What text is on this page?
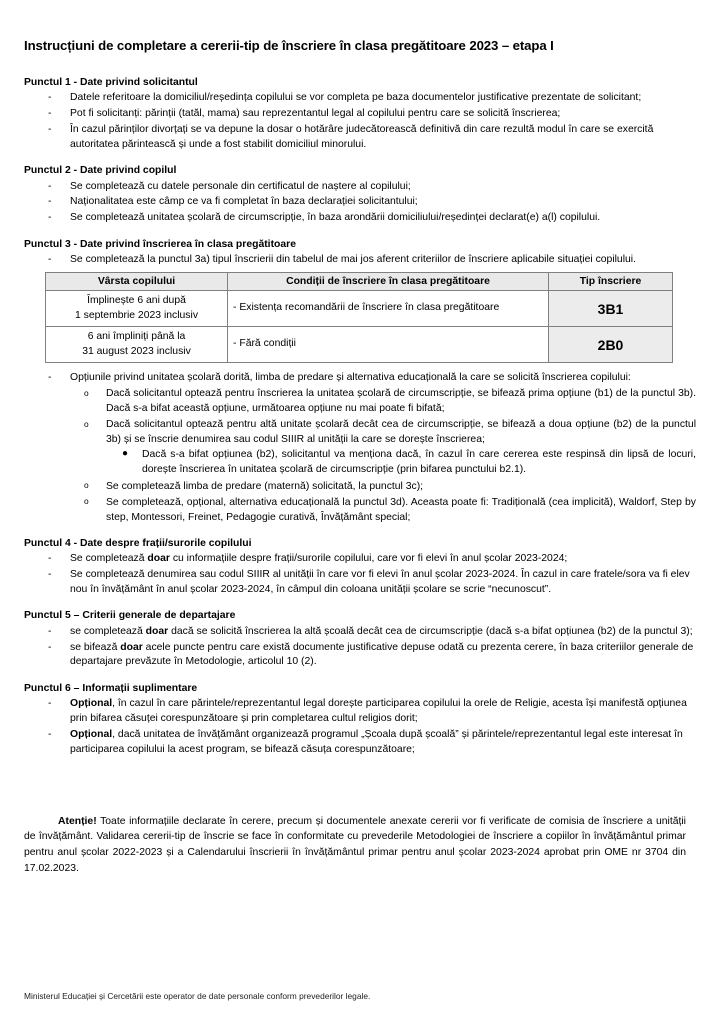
Instrucțiuni de completare a cererii-tip de înscriere în clasa pregătitoare 2023 – etapa I
Punctul 1 - Date privind solicitantul
- Datele referitoare la domiciliul/reședința copilului se vor completa pe baza documentelor justificative prezentate de solicitant;
- Pot fi solicitanți: părinții (tatăl, mama) sau reprezentantul legal al copilului pentru care se solicită înscrierea;
- În cazul părinților divorțați se va depune la dosar o hotărâre judecătorească definitivă din care rezultă modul în care se exercită autoritatea părintească și unde a fost stabilit domiciliul minorului.
Punctul 2 - Date privind copilul
- Se completează cu datele personale din certificatul de naștere al copilului;
- Naționalitatea este câmp ce va fi completat în baza declarației solicitantului;
- Se completează unitatea școlară de circumscripție, în baza arondării domiciliului/reședinței declarat(e) a(l) copilului.
Punctul 3 - Date privind înscrierea în clasa pregătitoare
- Se completează la punctul 3a) tipul înscrierii din tabelul de mai jos aferent criteriilor de înscriere aplicabile situației copilului.
Vârsta copilului	Condiții de înscriere în clasa pregătitoare	Tip înscriere

Împlinește 6 ani după
1 septembrie 2023 inclusiv	- Existența recomandării de înscriere în clasa pregătitoare	3B1

6 ani împliniți până la
31 august 2023 inclusiv	- Fără condiții	2B0
- Opțiunile privind unitatea școlară dorită, limba de predare și alternativa educațională la care se solicită înscrierea copilului:
o Dacă solicitantul optează pentru înscrierea la unitatea școlară de circumscripție, se bifează prima opțiune (b1) de la punctul 3b). Dacă s-a bifat această opțiune, următoarea opțiune nu mai poate fi bifată;
o Dacă solicitantul optează pentru altă unitate școlară decât cea de circumscripție, se bifează a doua opțiune (b2) de la punctul 3b) și se înscrie denumirea sau codul SIIIR al unității la care se dorește înscrierea;
● Dacă s-a bifat opțiunea (b2), solicitantul va menționa dacă, în cazul în care cererea este respinsă din lipsă de locuri, dorește înscrierea în unitatea școlară de circumscripție (prin bifarea punctului b2.1).
o Se completează limba de predare (maternă) solicitată, la punctul 3c);
o Se completează, opțional, alternativa educațională la punctul 3d). Aceasta poate fi: Tradițională (cea implicită), Waldorf, Step by step, Montessori, Freinet, Pedagogie curativă, Învățământ special;
Punctul 4 - Date despre frații/surorile copilului
- Se completează doar cu informațiile despre frații/surorile copilului, care vor fi elevi în anul școlar 2023-2024;
- Se completează denumirea sau codul SIIIR al unității în care vor fi elevi în anul școlar 2023-2024. În cazul in care fratele/sora va fi elev nou în învățământ în anul școlar 2023-2024, în câmpul din coloana unității școlare se scrie “necunoscut”.
Punctul 5 – Criterii generale de departajare
- se completează doar dacă se solicită înscrierea la altă școală decât cea de circumscripție (dacă s-a bifat opțiunea (b2) de la punctul 3);
- se bifează doar acele puncte pentru care există documente justificative depuse odată cu prezenta cerere, în baza criteriilor generale de departajare prevăzute în Metodologie, articolul 10 (2).
Punctul 6 – Informații suplimentare
- Opțional, în cazul în care părintele/reprezentantul legal dorește participarea copilului la orele de Religie, acesta își manifestă opțiunea prin bifarea căsuței corespunzătoare și prin completarea cultul religios dorit;
- Opțional, dacă unitatea de învățământ organizează programul „Școala după școală” și părintele/reprezentantul legal este interesat în participarea copilului la acest program, se bifează căsuța corespunzătoare;

Atenție! Toate informațiile declarate în cerere, precum și documentele anexate cererii vor fi verificate de comisia de înscriere a unității de învățământ. Validarea cererii-tip de înscrie se face în conformitate cu prevederile Metodologiei de înscriere a copiilor în învățământul primar pentru anul școlar 2022-2023 și a Calendarului înscrierii în învățământul primar pentru anul școlar 2023-2024 aprobat prin OME nr 3704 din 17.02.2023.

Ministerul Educației și Cercetării este operator de date personale conform prevederilor legale.
